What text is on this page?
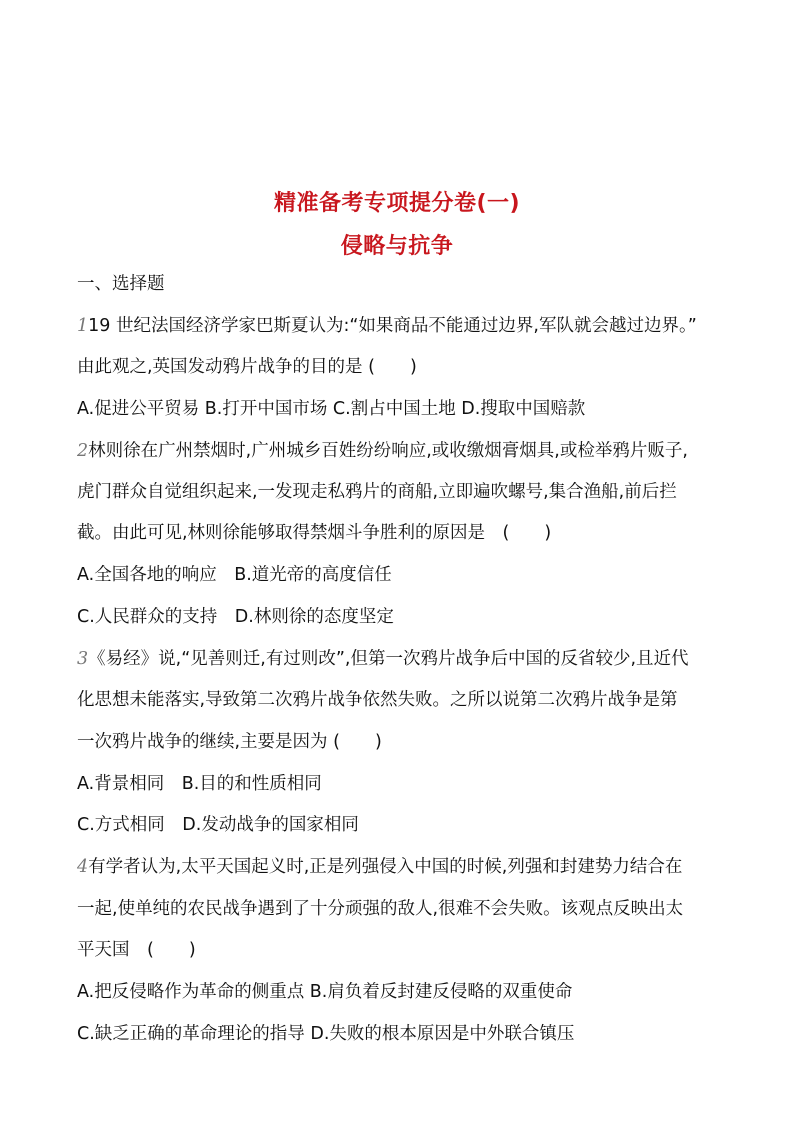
精准备考专项提分卷(一)
侵略与抗争
一、选择题
119 世纪法国经济学家巴斯夏认为:“如果商品不能通过边界,军队就会越过边界。”
由此观之,英国发动鸦片战争的目的是 (　　)
A.促进公平贸易 B.打开中国市场 C.割占中国土地 D.搜取中国赔款
2林则徐在广州禁烟时,广州城乡百姓纷纷响应,或收缴烟膏烟具,或检举鸦片贩子,
虎门群众自觉组织起来,一发现走私鸦片的商船,立即遍吹螺号,集合渔船,前后拦
截。由此可见,林则徐能够取得禁烟斗争胜利的原因是　(　　)
A.全国各地的响应　B.道光帝的高度信任
C.人民群众的支持　D.林则徐的态度坚定
3《易经》说,“见善则迁,有过则改”,但第一次鸦片战争后中国的反省较少,且近代
化思想未能落实,导致第二次鸦片战争依然失败。之所以说第二次鸦片战争是第
一次鸦片战争的继续,主要是因为 (　　)
A.背景相同　B.目的和性质相同
C.方式相同　D.发动战争的国家相同
4有学者认为,太平天国起义时,正是列强侵入中国的时候,列强和封建势力结合在
一起,使单纯的农民战争遇到了十分顽强的敌人,很难不会失败。该观点反映出太
平天国　(　　)
A.把反侵略作为革命的侧重点 B.肩负着反封建反侵略的双重使命
C.缺乏正确的革命理论的指导 D.失败的根本原因是中外联合镇压
